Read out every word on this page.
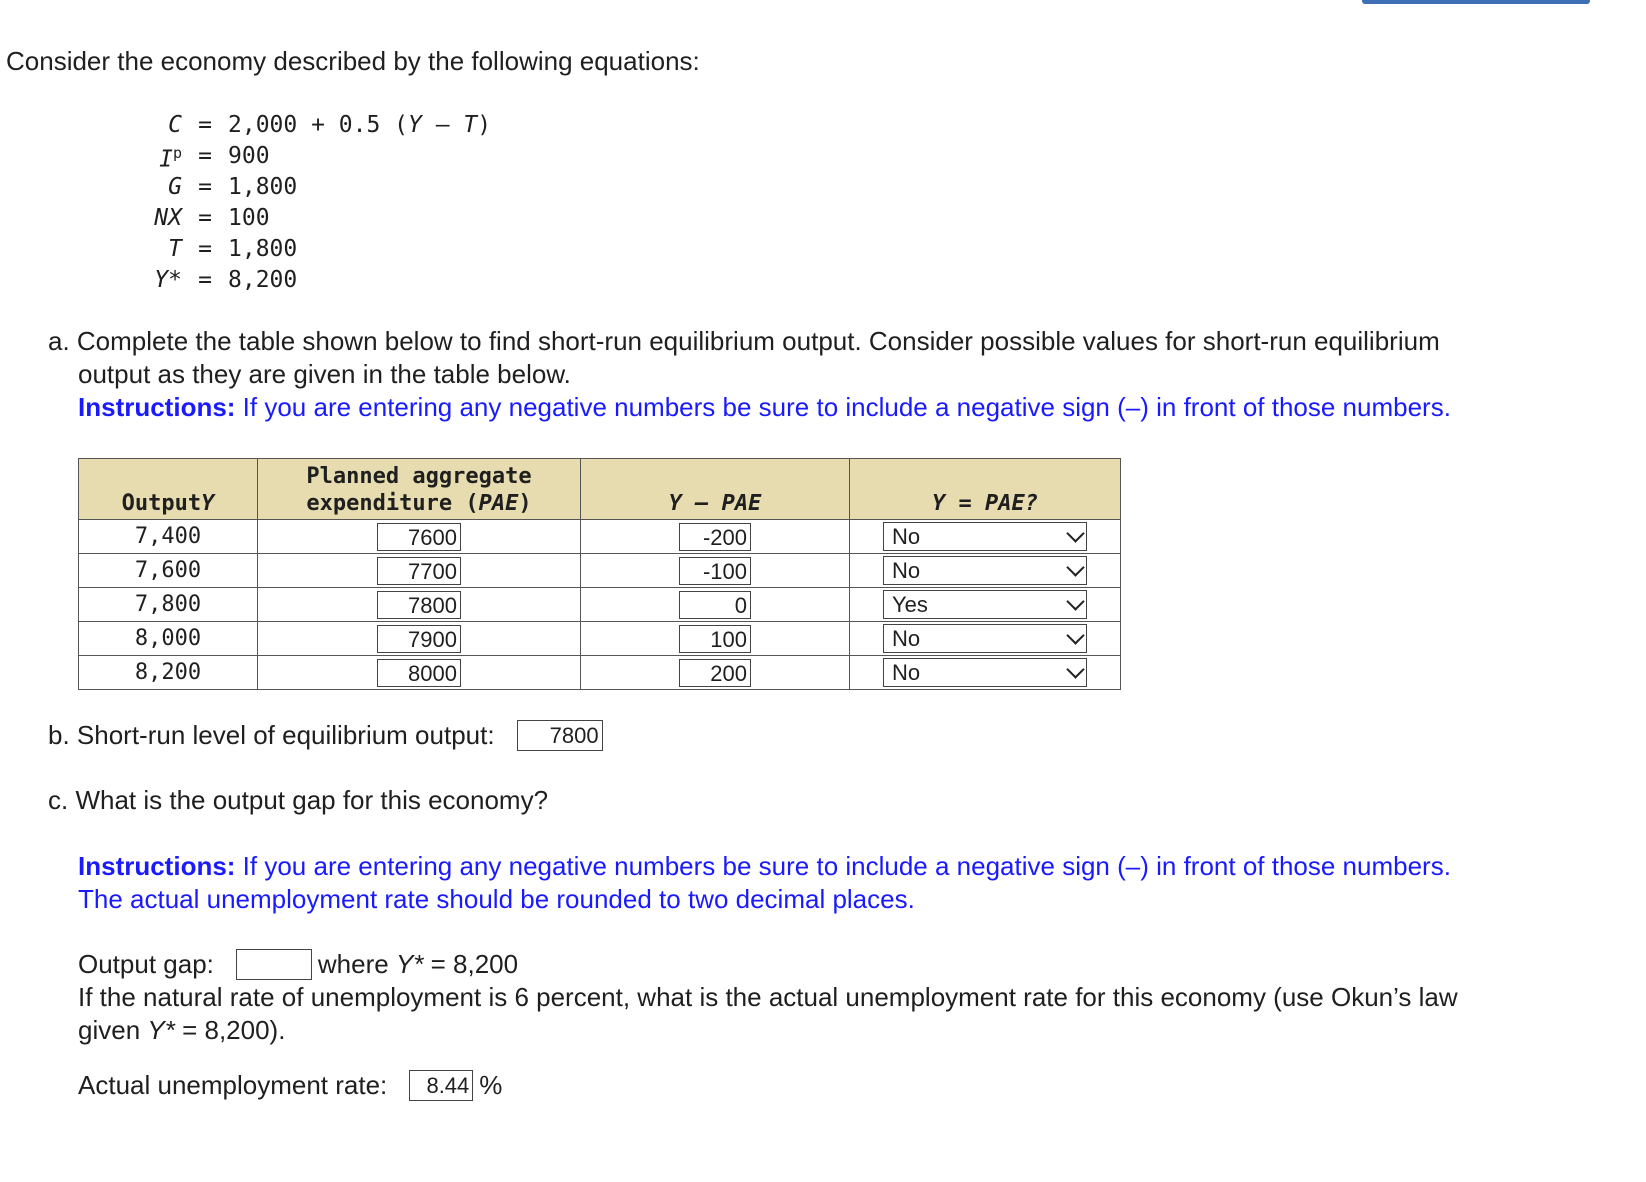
Consider the economy described by the following equations:
C = 2,000 + 0.5 (Y – T)
$I^p = 900$
G = 1,800
NX = 100
T = 1,800
Y* = 8,200
a. Complete the table shown below to find short-run equilibrium output. Consider possible values for short-run equilibrium
output as they are given in the table below.
Instructions: If you are entering any negative numbers be sure to include a negative sign (–) in front of those numbers.
OutputY	Planned aggregate
expenditure (PAE)	Y – PAE	Y = PAE?
7,400	7600	-200	No

7,600	7700	-100	No

7,800	7800	0	Yes

8,000	7900	100	No

8,200	8000	200	No
b. Short-run level of equilibrium output:	7800
c. What is the output gap for this economy?
Instructions: If you are entering any negative numbers be sure to include a negative sign (–) in front of those numbers.
The actual unemployment rate should be rounded to two decimal places.
Output gap:	where Y* = 8,200
If the natural rate of unemployment is 6 percent, what is the actual unemployment rate for this economy (use Okun’s law
given Y* = 8,200).
Actual unemployment rate:	8.44 %
